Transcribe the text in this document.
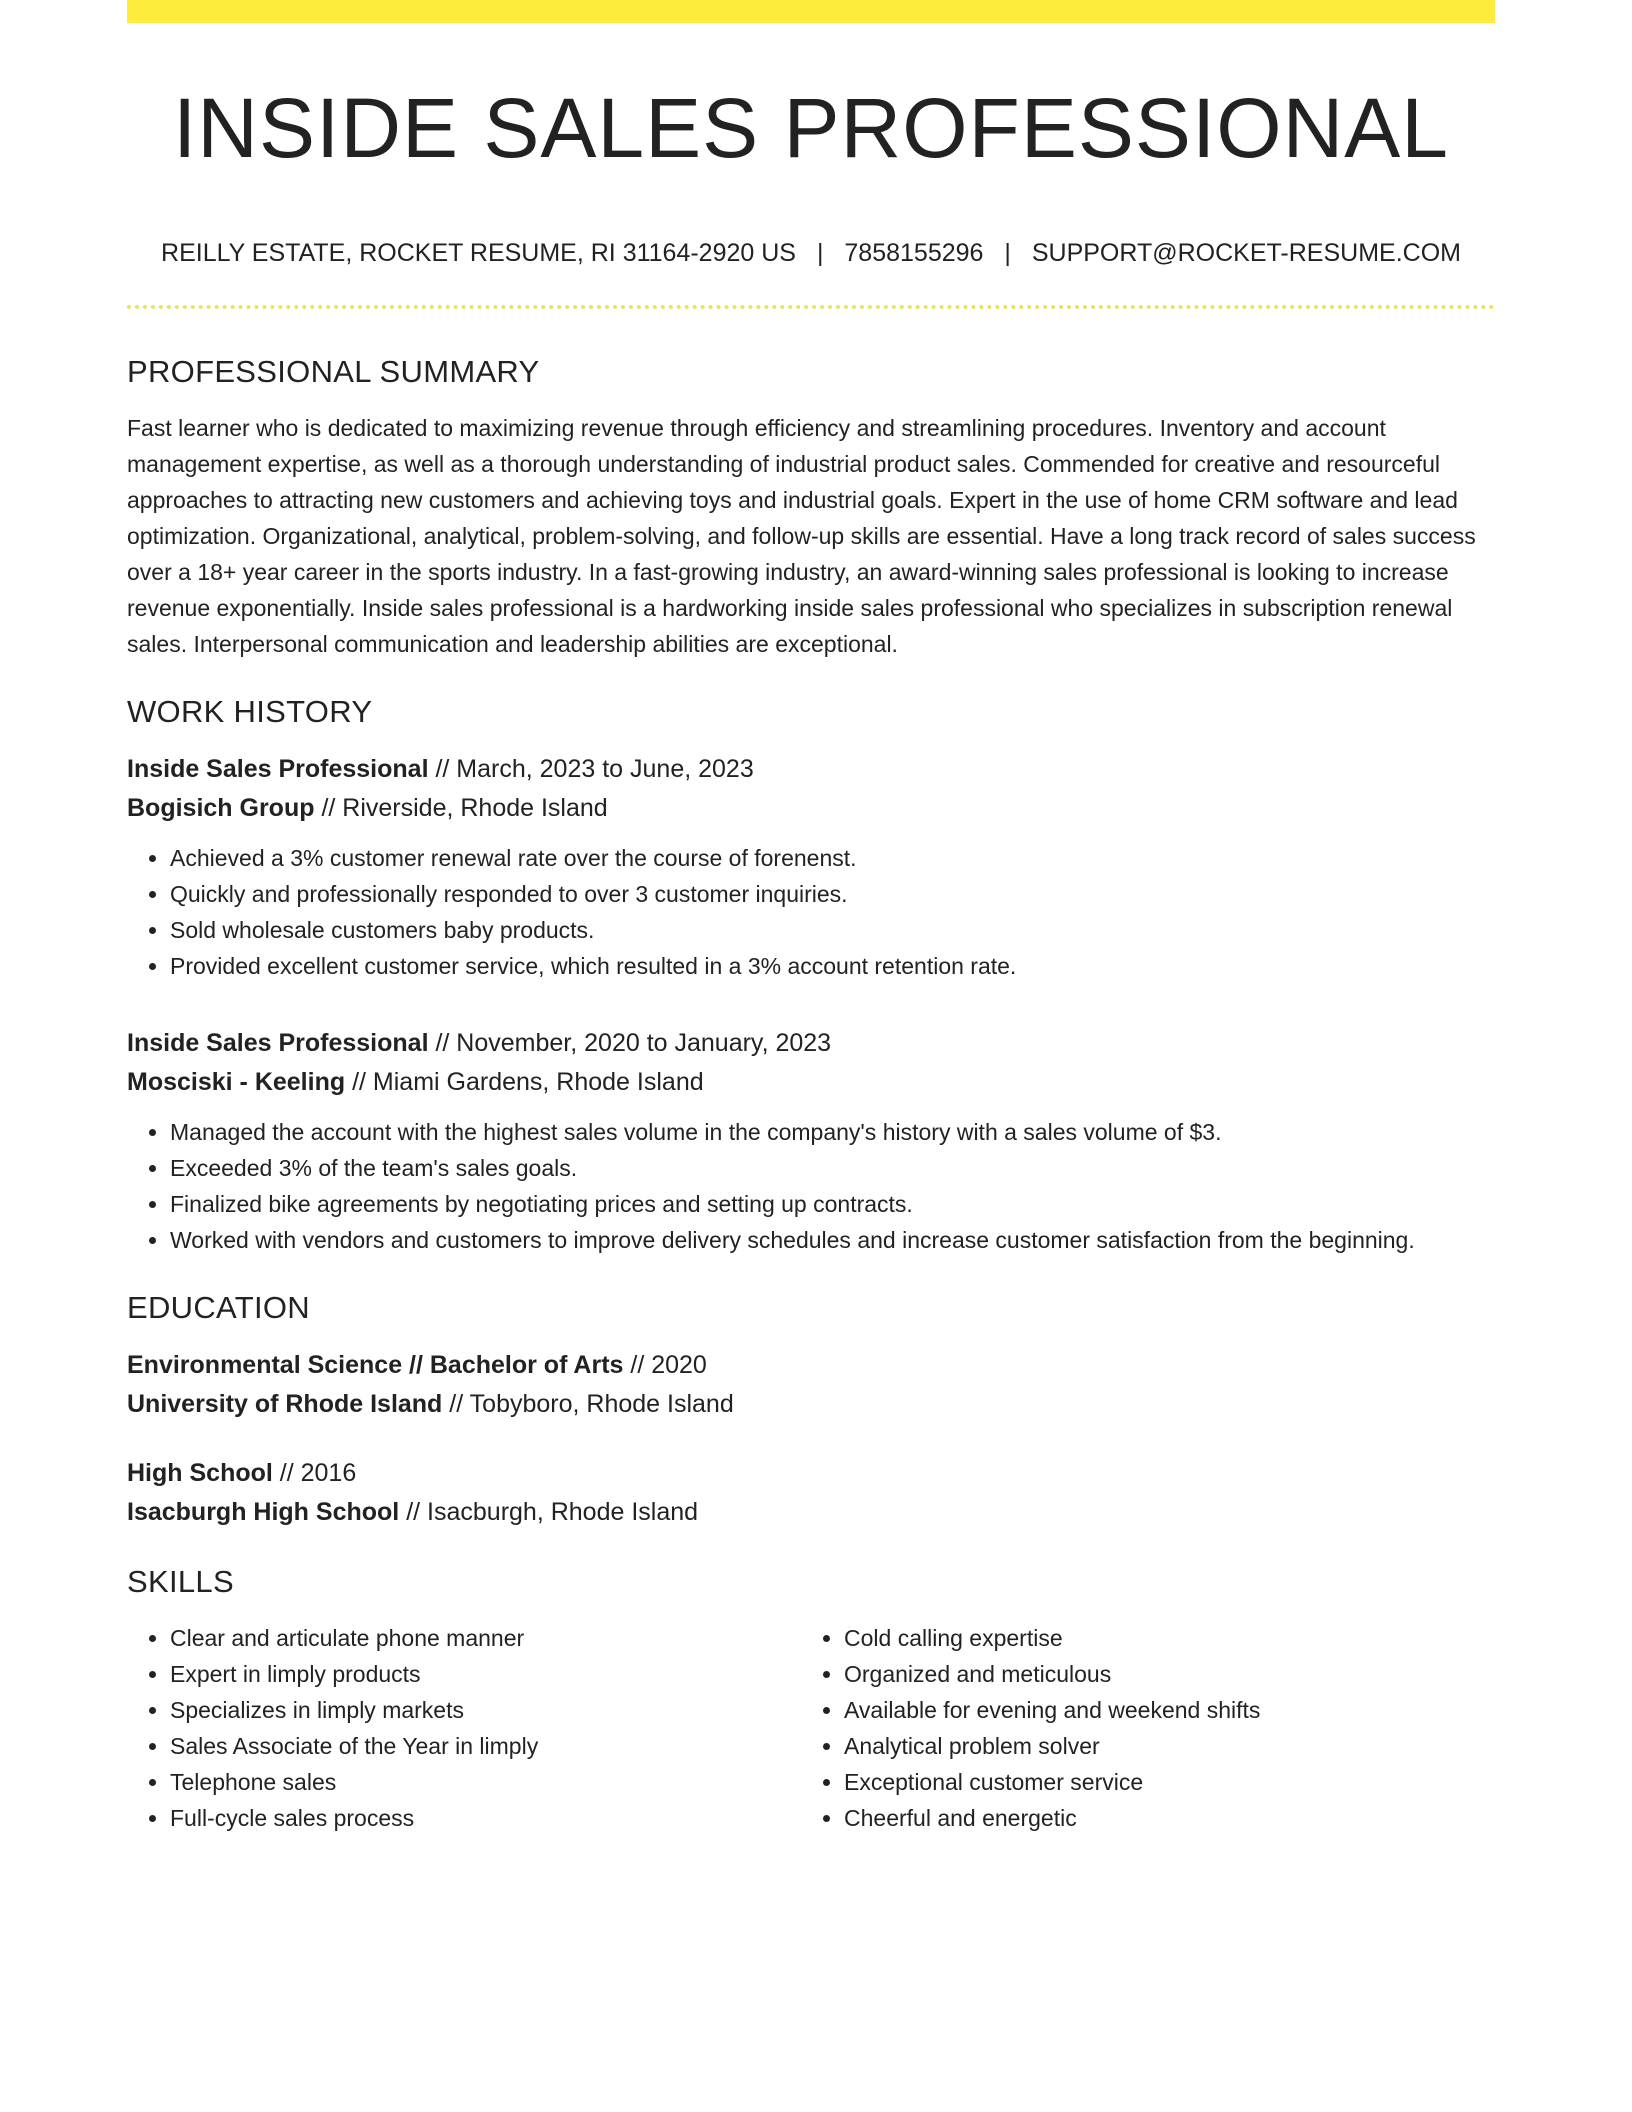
INSIDE SALES PROFESSIONAL
REILLY ESTATE, ROCKET RESUME, RI 31164-2920 US | 7858155296 | SUPPORT@ROCKET-RESUME.COM
PROFESSIONAL SUMMARY

Fast learner who is dedicated to maximizing revenue through efficiency and streamlining procedures. Inventory and account management expertise, as well as a thorough understanding of industrial product sales. Commended for creative and resourceful approaches to attracting new customers and achieving toys and industrial goals. Expert in the use of home CRM software and lead optimization. Organizational, analytical, problem-solving, and follow-up skills are essential. Have a long track record of sales success over a 18+ year career in the sports industry. In a fast-growing industry, an award-winning sales professional is looking to increase revenue exponentially. Inside sales professional is a hardworking inside sales professional who specializes in subscription renewal sales. Interpersonal communication and leadership abilities are exceptional.

WORK HISTORY
Inside Sales Professional // March, 2023 to June, 2023
Bogisich Group // Riverside, Rhode Island
• Achieved a 3% customer renewal rate over the course of forenenst.
• Quickly and professionally responded to over 3 customer inquiries.
• Sold wholesale customers baby products.
• Provided excellent customer service, which resulted in a 3% account retention rate.
Inside Sales Professional // November, 2020 to January, 2023
Mosciski - Keeling // Miami Gardens, Rhode Island
• Managed the account with the highest sales volume in the company's history with a sales volume of $3.
• Exceeded 3% of the team's sales goals.
• Finalized bike agreements by negotiating prices and setting up contracts.
• Worked with vendors and customers to improve delivery schedules and increase customer satisfaction from the beginning.
EDUCATION
Environmental Science // Bachelor of Arts // 2020
University of Rhode Island // Tobyboro, Rhode Island
High School // 2016
Isacburgh High School // Isacburgh, Rhode Island
SKILLS
• Clear and articulate phone manner
• Expert in limply products
• Specializes in limply markets
• Sales Associate of the Year in limply
• Telephone sales
• Full-cycle sales process
• Cold calling expertise
• Organized and meticulous
• Available for evening and weekend shifts
• Analytical problem solver
• Exceptional customer service
• Cheerful and energetic
